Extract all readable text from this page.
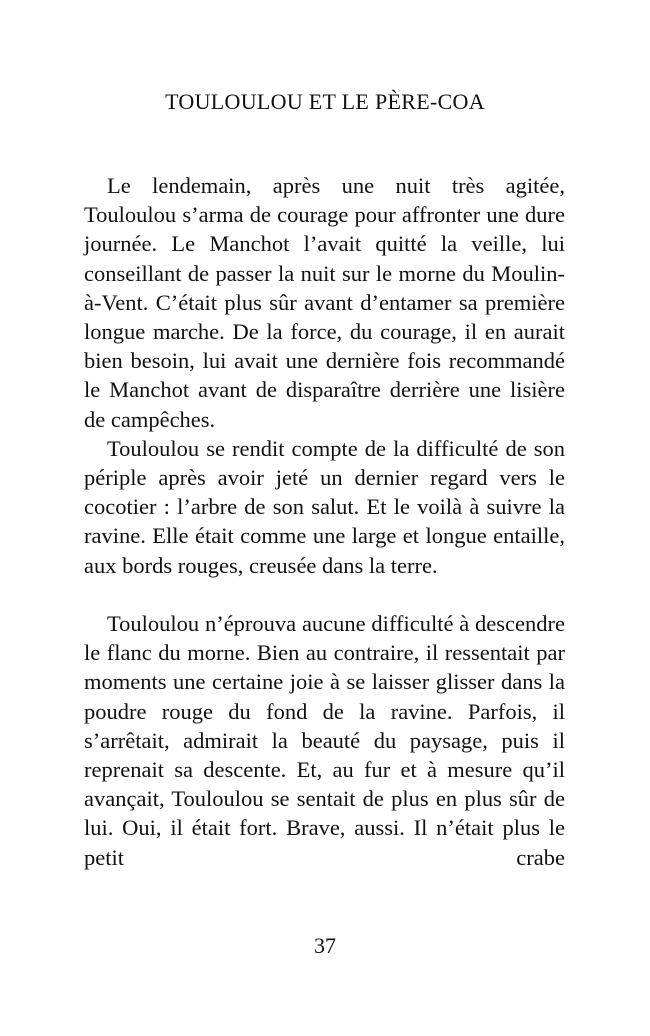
TOULOULOU ET LE PÈRE-COA

Le lendemain, après une nuit très agitée, Touloulou s’arma de courage pour affronter une dure journée. Le Manchot l’avait quitté la veille, lui conseillant de passer la nuit sur le morne du Moulin-à-Vent. C’était plus sûr avant d’entamer sa première longue marche. De la force, du courage, il en aurait bien besoin, lui avait une dernière fois recommandé le Manchot avant de disparaître derrière une lisière de campêches.

Touloulou se rendit compte de la difficulté de son périple après avoir jeté un dernier regard vers le cocotier : l’arbre de son salut. Et le voilà à suivre la ravine. Elle était comme une large et longue entaille, aux bords rouges, creusée dans la terre.

Touloulou n’éprouva aucune difficulté à descendre le flanc du morne. Bien au contraire, il ressentait par moments une certaine joie à se laisser glisser dans la poudre rouge du fond de la ravine. Parfois, il s’arrêtait, admirait la beauté du paysage, puis il reprenait sa descente. Et, au fur et à mesure qu’il avançait, Touloulou se sentait de plus en plus sûr de lui. Oui, il était fort. Brave, aussi. Il n’était plus le petit crabe

37
